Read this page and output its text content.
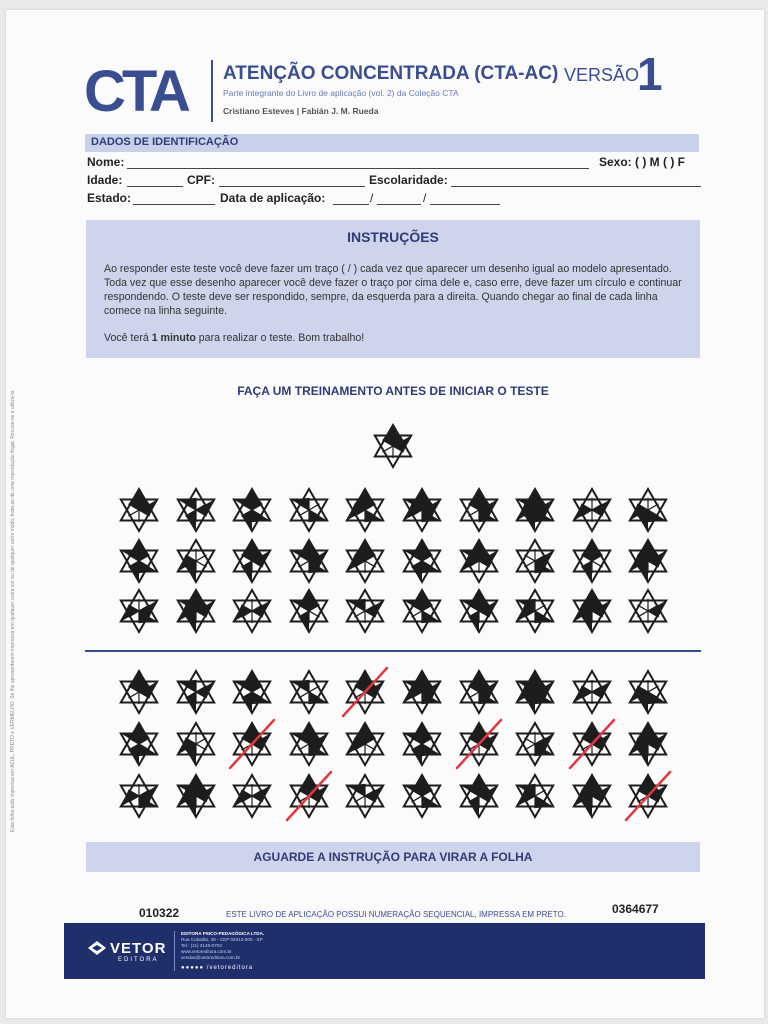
Esta folha está impressa em AZUL, PRETO e VERMELHO. Se lhe apresentarem impressa em qualquer outra cor ou de qualquer outro modo, trata-se de uma reprodução ilegal. Recuse-se a utilizá-la.
CTA	ATENÇÃO CONCENTRADA (CTA-AC) VERSÃO
1
Parte integrante do Livro de aplicação (vol. 2) da Coleção CTA
Cristiano Esteves | Fabián J. M. Rueda
DADOS DE IDENTIFICAÇÃO
Nome:	Sexo: ( ) M ( ) F
Idade:	CPF:	Escolaridade:
Estado:	Data de aplicação:	/	/
INSTRUÇÕES
Ao responder este teste você deve fazer um traço ( / ) cada vez que aparecer um desenho igual ao modelo apresentado. Toda vez que esse desenho aparecer você deve fazer o traço por cima dele e, caso erre, deve fazer um círculo e continuar respondendo. O teste deve ser respondido, sempre, da esquerda para a direita. Quando chegar ao final de cada linha comece na linha seguinte.
Você terá 1 minuto para realizar o teste. Bom trabalho!
FAÇA UM TREINAMENTO ANTES DE INICIAR O TESTE
AGUARDE A INSTRUÇÃO PARA VIRAR A FOLHA
010322	ESTE LIVRO DE APLICAÇÃO POSSUI NUMERAÇÃO SEQUENCIAL, IMPRESSA EM PRETO.	0364677
VETOR
EDITORA
EDITORA PSICO-PEDAGÓGICA LTDA.
Rua Cubatão, 48 - CEP 04013-000 - SP
Tel.: (11) 3146-0703
www.vetoreditora.com.br
vendas@vetoreditora.com.br
●●●●● /vetoreditora
